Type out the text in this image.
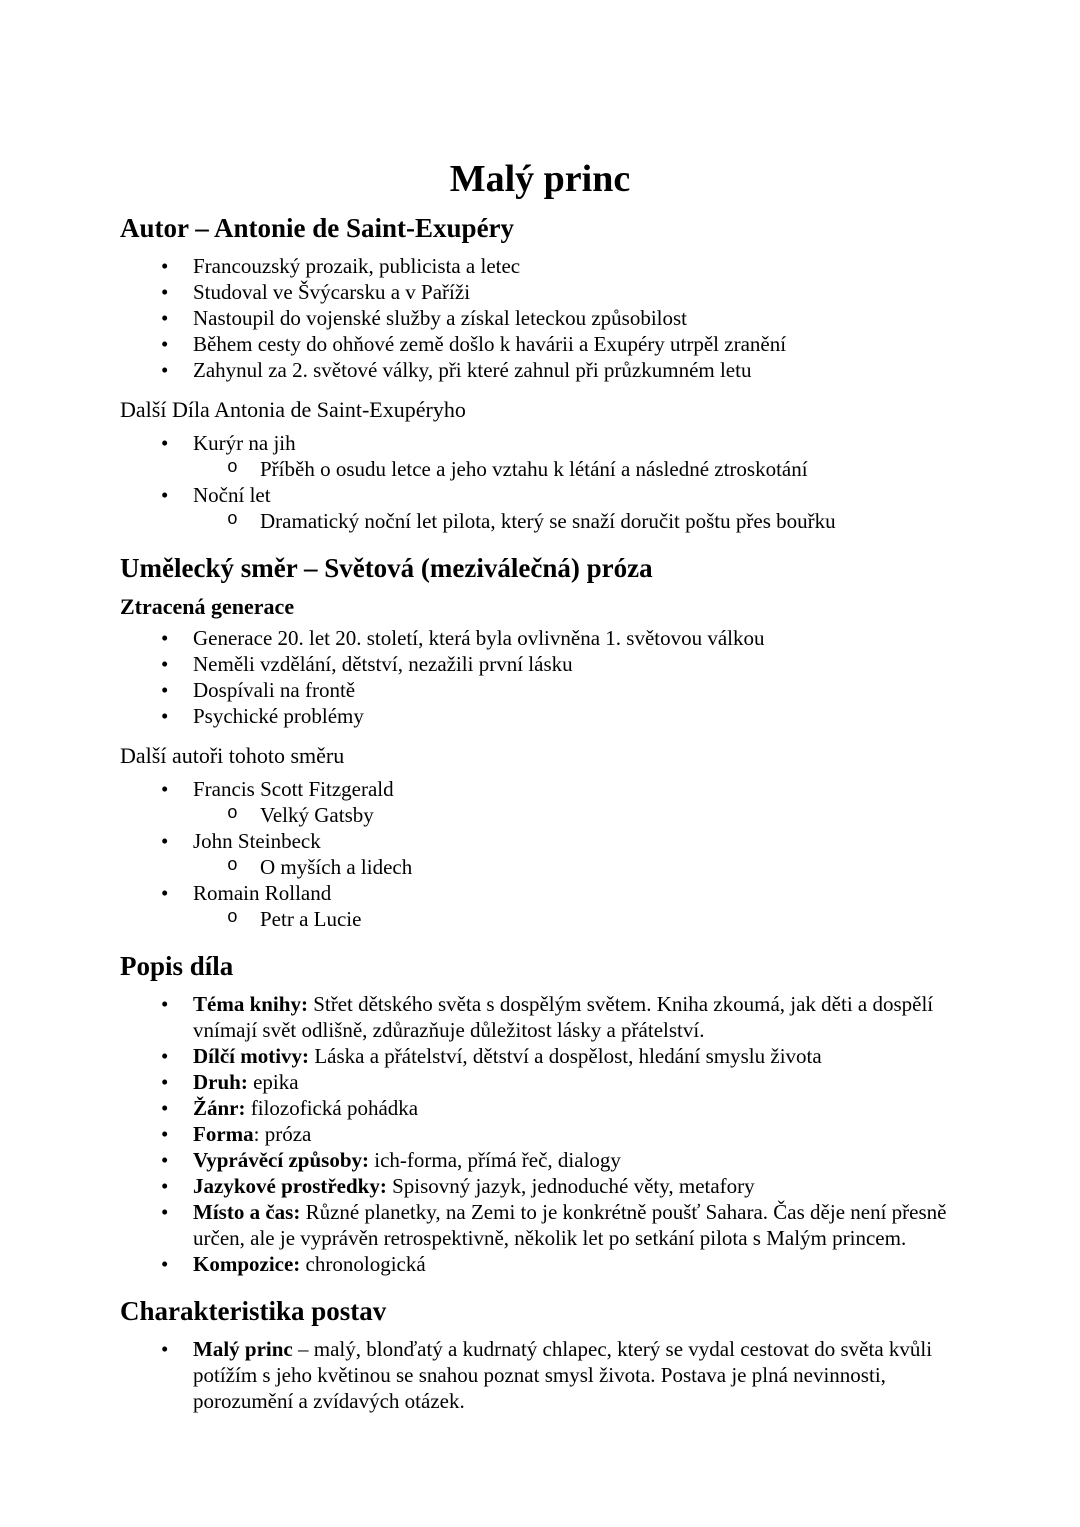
Malý princ
Autor – Antonie de Saint-Exupéry
• Francouzský prozaik, publicista a letec
• Studoval ve Švýcarsku a v Paříži
• Nastoupil do vojenské služby a získal leteckou způsobilost
• Během cesty do ohňové země došlo k havárii a Exupéry utrpěl zranění
• Zahynul za 2. světové války, při které zahnul při průzkumném letu
Další Díla Antonia de Saint-Exupéryho
• Kurýr na jih
o Příběh o osudu letce a jeho vztahu k létání a následné ztroskotání
• Noční let
o Dramatický noční let pilota, který se snaží doručit poštu přes bouřku
Umělecký směr – Světová (meziválečná) próza
Ztracená generace
• Generace 20. let 20. století, která byla ovlivněna 1. světovou válkou
• Neměli vzdělání, dětství, nezažili první lásku
• Dospívali na frontě
• Psychické problémy
Další autoři tohoto směru
• Francis Scott Fitzgerald
o Velký Gatsby
• John Steinbeck
o O myších a lidech
• Romain Rolland
o Petr a Lucie
Popis díla
• Téma knihy: Střet dětského světa s dospělým světem. Kniha zkoumá, jak děti a dospělí vnímají svět odlišně, zdůrazňuje důležitost lásky a přátelství.
• Dílčí motivy: Láska a přátelství, dětství a dospělost, hledání smyslu života
• Druh: epika
• Žánr: filozofická pohádka
• Forma: próza
• Vyprávěcí způsoby: ich-forma, přímá řeč, dialogy
• Jazykové prostředky: Spisovný jazyk, jednoduché věty, metafory
• Místo a čas: Různé planetky, na Zemi to je konkrétně poušť Sahara. Čas děje není přesně určen, ale je vyprávěn retrospektivně, několik let po setkání pilota s Malým princem.
• Kompozice: chronologická
Charakteristika postav
• Malý princ – malý, blonďatý a kudrnatý chlapec, který se vydal cestovat do světa kvůli potížím s jeho květinou se snahou poznat smysl života. Postava je plná nevinnosti, porozumění a zvídavých otázek.
